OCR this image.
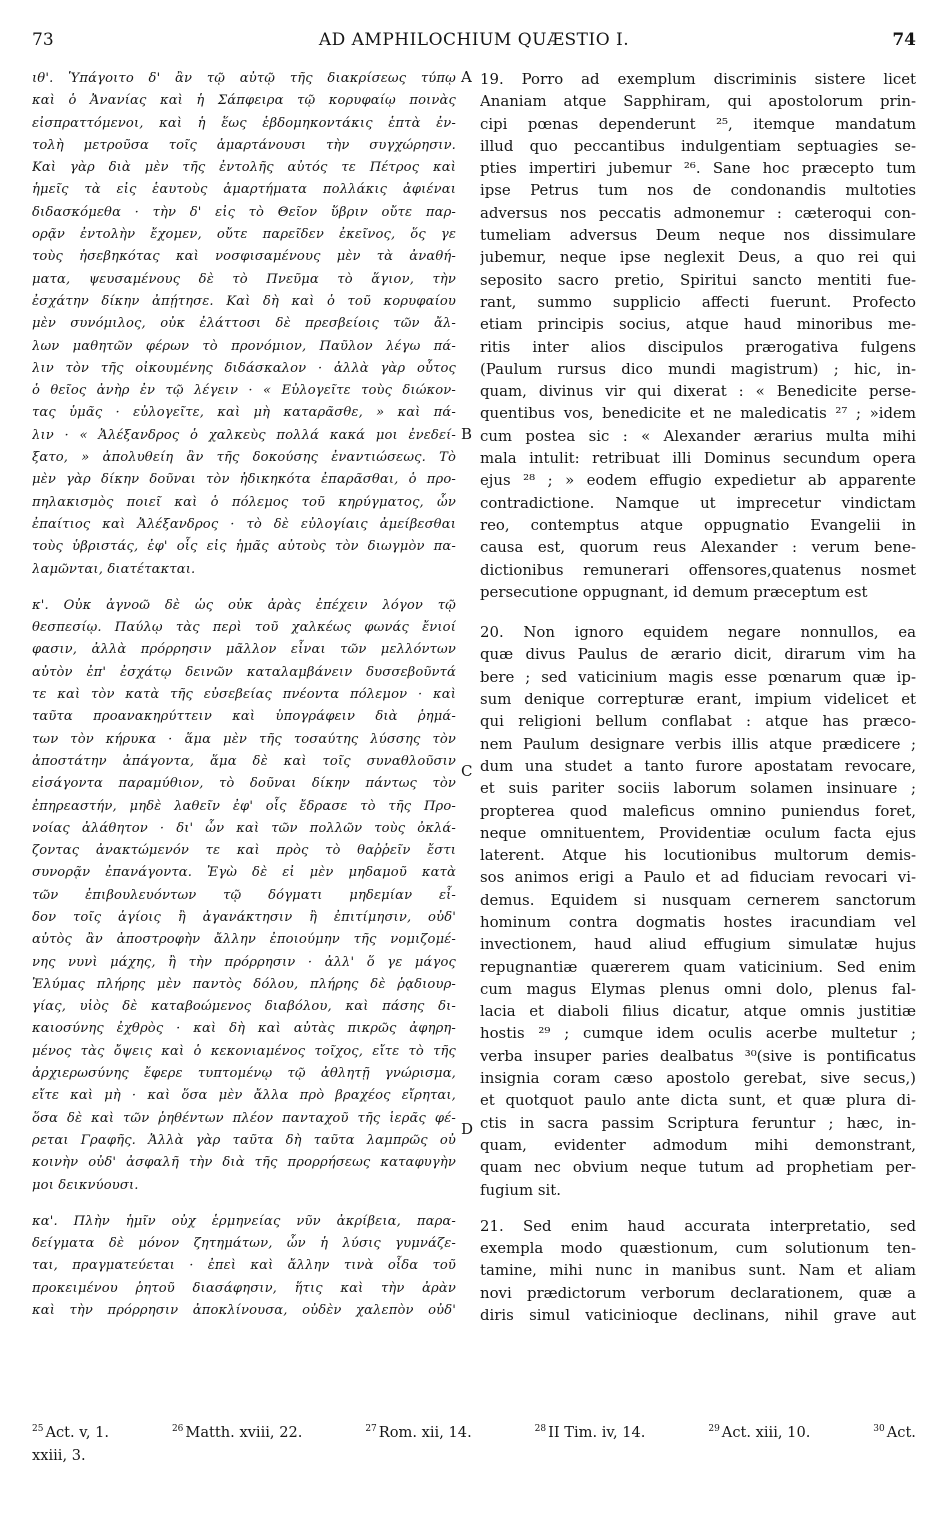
73	AD AMPHILOCHIUM QUÆSTIO I.	74

ιθ'. Ὑπάγοιτο δ' ἂν τῷ αὐτῷ τῆς διακρίσεως τύπῳ

καὶ ὁ Ἀνανίας καὶ ἡ Σάπφειρα τῷ κορυφαίῳ ποινὰς

εἰσπραττόμενοι, καὶ ἡ ἕως ἑβδομηκοντάκις ἑπτὰ ἐν-

τολὴ μετροῦσα τοῖς ἁμαρτάνουσι τὴν συγχώρησιν.

Καὶ γὰρ διὰ μὲν τῆς ἐντολῆς αὐτός τε Πέτρος καὶ

ἡμεῖς τὰ εἰς ἑαυτοὺς ἁμαρτήματα πολλάκις ἀφιέναι

διδασκόμεθα · τὴν δ' εἰς τὸ Θεῖον ὕβριν οὔτε παρ-

ορᾷν ἐντολὴν ἔχομεν, οὔτε παρεῖδεν ἐκεῖνος, ὅς γε

τοὺς ἠσεβηκότας καὶ νοσφισαμένους μὲν τὰ ἀναθή-

ματα, ψευσαμένους δὲ τὸ Πνεῦμα τὸ ἅγιον, τὴν

ἐσχάτην δίκην ἀπῄτησε. Καὶ δὴ καὶ ὁ τοῦ κορυφαίου

μὲν συνόμιλος, οὐκ ἐλάττοσι δὲ πρεσβείοις τῶν ἄλ-

λων μαθητῶν φέρων τὸ προνόμιον, Παῦλον λέγω πά-

λιν τὸν τῆς οἰκουμένης διδάσκαλον · ἀλλὰ γὰρ οὗτος

ὁ θεῖος ἀνὴρ ἐν τῷ λέγειν · « Εὐλογεῖτε τοὺς διώκον-

τας ὑμᾶς · εὐλογεῖτε, καὶ μὴ καταρᾶσθε, » καὶ πά-

λιν · « Ἀλέξανδρος ὁ χαλκεὺς πολλά κακά μοι ἐνεδεί-

ξατο, » ἀπολυθείη ἂν τῆς δοκούσης ἐναντιώσεως. Τὸ

μὲν γὰρ δίκην δοῦναι τὸν ἠδικηκότα ἐπαρᾶσθαι, ὁ προ-

πηλακισμὸς ποιεῖ καὶ ὁ πόλεμος τοῦ κηρύγματος, ὧν

ἐπαίτιος καὶ Ἀλέξανδρος · τὸ δὲ εὐλογίαις ἀμείβεσθαι

τοὺς ὑβριστάς, ἐφ' οἷς εἰς ἡμᾶς αὐτοὺς τὸν διωγμὸν πα-

λαμῶνται, διατέτακται.

κ'. Οὐκ ἀγνοῶ δὲ ὡς οὐκ ἀρὰς ἐπέχειν λόγον τῷ

θεσπεσίῳ. Παύλῳ τὰς περὶ τοῦ χαλκέως φωνάς ἔνιοί

φασιν, ἀλλὰ πρόρρησιν μᾶλλον εἶναι τῶν μελλόντων

αὐτὸν ἐπ' ἐσχάτῳ δεινῶν καταλαμβάνειν δυσσεβοῦντά

τε καὶ τὸν κατὰ τῆς εὐσεβείας πνέοντα πόλεμον · καὶ

ταῦτα προανακηρύττειν καὶ ὑπογράφειν διὰ ῥημά-

των τὸν κήρυκα · ἅμα μὲν τῆς τοσαύτης λύσσης τὸν

ἀποστάτην ἀπάγοντα, ἅμα δὲ καὶ τοῖς συναθλοῦσιν

εἰσάγοντα παραμύθιον, τὸ δοῦναι δίκην πάντως τὸν

ἐπηρεαστήν, μηδὲ λαθεῖν ἐφ' οἷς ἔδρασε τὸ τῆς Προ-

νοίας ἀλάθητον · δι' ὧν καὶ τῶν πολλῶν τοὺς ὀκλά-

ζοντας ἀνακτώμενόν τε καὶ πρὸς τὸ θαῤῥεῖν ἔστι

συνορᾷν ἐπανάγοντα. Ἐγὼ δὲ εἰ μὲν μηδαμοῦ κατὰ

τῶν ἐπιβουλευόντων τῷ δόγματι μηδεμίαν εἶ-

δον τοῖς ἁγίοις ἢ ἀγανάκτησιν ἢ ἐπιτίμησιν, οὐδ'

αὐτὸς ἂν ἀποστροφὴν ἄλλην ἐποιούμην τῆς νομιζομέ-

νης νυνὶ μάχης, ἢ τὴν πρόρρησιν · ἀλλ' ὅ γε μάγος

Ἐλύμας πλήρης μὲν παντὸς δόλου, πλήρης δὲ ῥᾳδιουρ-

γίας, υἱὸς δὲ καταβοώμενος διαβόλου, καὶ πάσης δι-

καιοσύνης ἐχθρὸς · καὶ δὴ καὶ αὐτὰς πικρῶς ἀφηρη-

μένος τὰς ὄψεις καὶ ὁ κεκονιαμένος τοῖχος, εἴτε τὸ τῆς

ἀρχιερωσύνης ἔφερε τυπτομένῳ τῷ ἀθλητῇ γνώρισμα,

εἴτε καὶ μὴ · καὶ ὅσα μὲν ἄλλα πρὸ βραχέος εἴρηται,

ὅσα δὲ καὶ τῶν ῥηθέντων πλέον πανταχοῦ τῆς ἱερᾶς φέ-

ρεται Γραφῆς. Ἀλλὰ γὰρ ταῦτα δὴ ταῦτα λαμπρῶς οὐ

κοινὴν οὐδ' ἀσφαλῆ τὴν διὰ τῆς προρρήσεως καταφυγὴν

μοι δεικνύουσι.

κα'. Πλὴν ἡμῖν οὐχ ἑρμηνείας νῦν ἀκρίβεια, παρα-

δείγματα δὲ μόνον ζητημάτων, ὧν ἡ λύσις γυμνάζε-

ται, πραγματεύεται · ἐπεὶ καὶ ἄλλην τινὰ οἶδα τοῦ

προκειμένου ῥητοῦ διασάφησιν, ἥτις καὶ τὴν ἀρὰν

καὶ τὴν πρόρρησιν ἀποκλίνουσα, οὐδὲν χαλεπὸν οὐδ'

19. Porro ad exemplum discriminis sistere licet

Ananiam atque Sapphiram, qui apostolorum prin-

cipi pœnas dependerunt ²⁵, itemque mandatum

illud quo peccantibus indulgentiam septuagies se-

pties impertiri jubemur ²⁶. Sane hoc præcepto tum

ipse Petrus tum nos de condonandis multoties

adversus nos peccatis admonemur : cæteroqui con-

tumeliam adversus Deum neque nos dissimulare

jubemur, neque ipse neglexit Deus, a quo rei qui

seposito sacro pretio, Spiritui sancto mentiti fue-

rant, summo supplicio affecti fuerunt. Profecto

etiam principis socius, atque haud minoribus me-

ritis inter alios discipulos prærogativa fulgens

(Paulum rursus dico mundi magistrum) ; hic, in-

quam, divinus vir qui dixerat : « Benedicite perse-

quentibus vos, benedicite et ne maledicatis ²⁷ ; »idem

cum postea sic : « Alexander ærarius multa mihi

mala intulit: retribuat illi Dominus secundum opera

ejus ²⁸ ; » eodem effugio expedietur ab apparente

contradictione. Namque ut imprecetur vindictam

reo, contemptus atque oppugnatio Evangelii in

causa est, quorum reus Alexander : verum bene-

dictionibus remunerari offensores,quatenus nosmet

persecutione oppugnant, id demum præceptum est

20. Non ignoro equidem negare nonnullos, ea

quæ divus Paulus de ærario dicit, dirarum vim ha

bere ; sed vaticinium magis esse pœnarum quæ ip-

sum denique correpturæ erant, impium videlicet et

qui religioni bellum conflabat : atque has præco-

nem Paulum designare verbis illis atque prædicere ;

dum una studet a tanto furore apostatam revocare,

et suis pariter sociis laborum solamen insinuare ;

propterea quod maleficus omnino puniendus foret,

neque omnituentem, Providentiæ oculum facta ejus

laterent. Atque his locutionibus multorum demis-

sos animos erigi a Paulo et ad fiduciam revocari vi-

demus. Equidem si nusquam cernerem sanctorum

hominum contra dogmatis hostes iracundiam vel

invectionem, haud aliud effugium simulatæ hujus

repugnantiæ quærerem quam vaticinium. Sed enim

cum magus Elymas plenus omni dolo, plenus fal-

lacia et diaboli filius dicatur, atque omnis justitiæ

hostis ²⁹ ; cumque idem oculis acerbe multetur ;

verba insuper paries dealbatus ³⁰(sive is pontificatus

insignia coram cæso apostolo gerebat, sive secus,)

et quotquot paulo ante dicta sunt, et quæ plura di-

ctis in sacra passim Scriptura feruntur ; hæc, in-

quam, evidenter admodum mihi demonstrant,

quam nec obvium neque tutum ad prophetiam per-

fugium sit.

21. Sed enim haud accurata interpretatio, sed

exempla modo quæstionum, cum solutionum ten-

tamine, mihi nunc in manibus sunt. Nam et aliam

novi prædictorum verborum declarationem, quæ a

diris simul vaticinioque declinans, nihil grave aut

A
B
C
D
$^{25}$ Act. v, 1.	$^{26}$ Matth. xviii, 22.	$^{27}$ Rom. xii, 14.	$^{28}$ II Tim. iv, 14.	$^{29}$ Act. xiii, 10.	$^{30}$ Act.
xxiii, 3.
